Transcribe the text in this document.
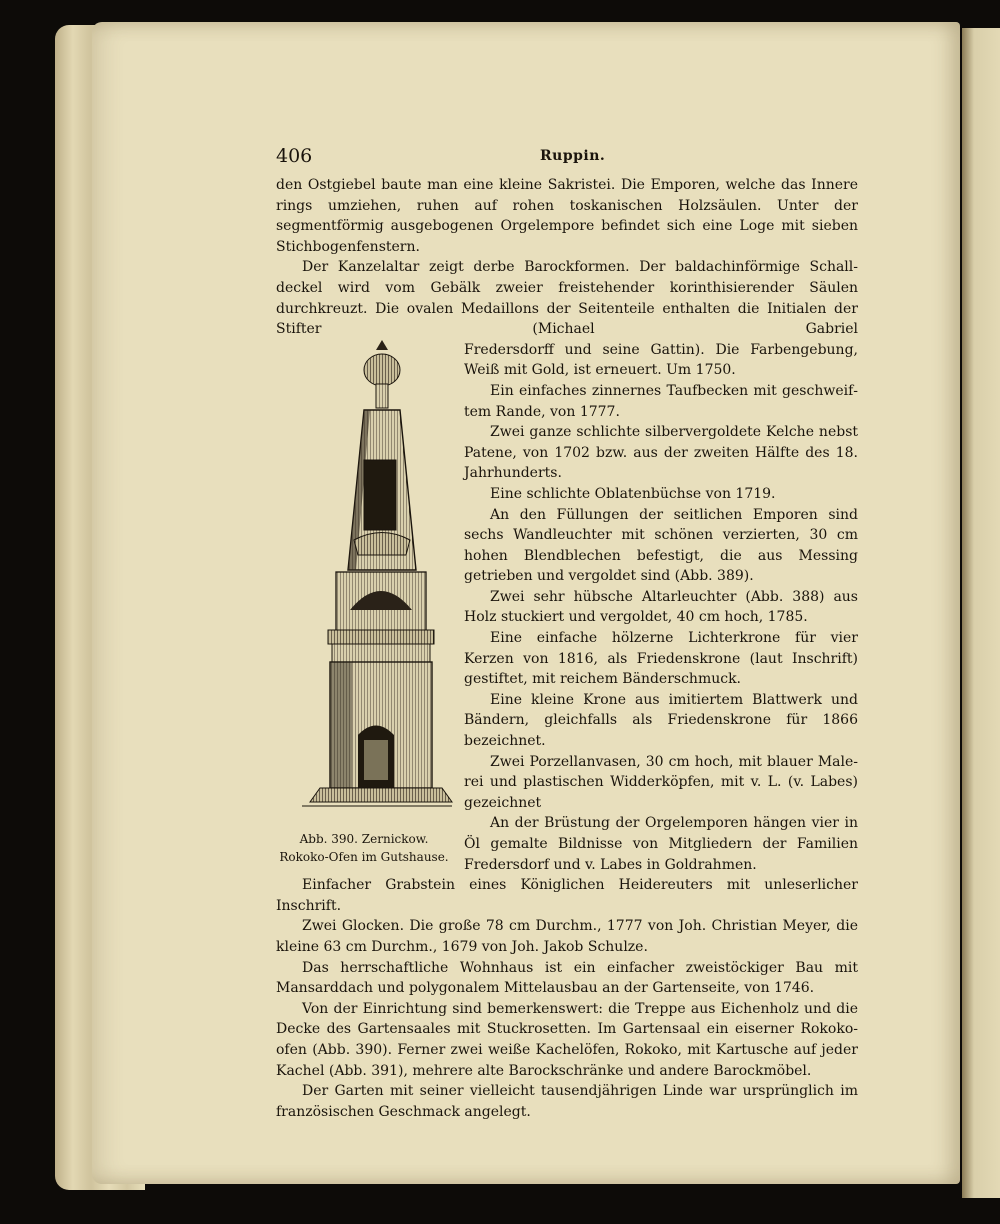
406	Ruppin.

den Ostgiebel baute man eine kleine Sakristei. Die Emporen, welche das Innere rings umziehen, ruhen auf rohen toskanischen Holzsäulen. Unter der segmentförmig ausgebogenen Orgelempore befindet sich eine Loge mit sieben Stichbogenfenstern.

Der Kanzelaltar zeigt derbe Barockformen. Der baldachinförmige Schalldeckel wird vom Gebälk zweier freistehender korinthisierender Säulen durchkreuzt. Die ovalen Medaillons der Seitenteile enthalten die Initialen der Stifter (Michael Gabriel

Abb. 390. Zernickow.
Rokoko-Ofen im Gutshause.

Fredersdorff und seine Gattin). Die Farbengebung, Weiß mit Gold, ist erneuert. Um 1750.

Ein einfaches zinnernes Taufbecken mit geschweiftem Rande, von 1777.

Zwei ganze schlichte silbervergoldete Kelche nebst Patene, von 1702 bzw. aus der zweiten Hälfte des 18. Jahrhunderts.

Eine schlichte Oblatenbüchse von 1719.

An den Füllungen der seitlichen Emporen sind sechs Wandleuchter mit schönen verzierten, 30 cm hohen Blendblechen befestigt, die aus Messing getrieben und vergoldet sind (Abb. 389).

Zwei sehr hübsche Altarleuchter (Abb. 388) aus Holz stuckiert und vergoldet, 40 cm hoch, 1785.

Eine einfache hölzerne Lichterkrone für vier Kerzen von 1816, als Friedenskrone (laut Inschrift) gestiftet, mit reichem Bänderschmuck.

Eine kleine Krone aus imitiertem Blattwerk und Bändern, gleichfalls als Friedenskrone für 1866 bezeichnet.

Zwei Porzellanvasen, 30 cm hoch, mit blauer Malerei und plastischen Widderköpfen, mit v. L. (v. Labes) gezeichnet

An der Brüstung der Orgelemporen hängen vier in Öl gemalte Bildnisse von Mitgliedern der Familien Fredersdorf und v. Labes in Goldrahmen.

Einfacher Grabstein eines Königlichen Heidereuters mit unleserlicher Inschrift.

Zwei Glocken. Die große 78 cm Durchm., 1777 von Joh. Christian Meyer, die kleine 63 cm Durchm., 1679 von Joh. Jakob Schulze.

Das herrschaftliche Wohnhaus ist ein einfacher zweistöckiger Bau mit Mansarddach und polygonalem Mittelausbau an der Gartenseite, von 1746.

Von der Einrichtung sind bemerkenswert: die Treppe aus Eichenholz und die Decke des Gartensaales mit Stuckrosetten. Im Gartensaal ein eiserner Rokokoofen (Abb. 390). Ferner zwei weiße Kachelöfen, Rokoko, mit Kartusche auf jeder Kachel (Abb. 391), mehrere alte Barockschränke und andere Barockmöbel.

Der Garten mit seiner vielleicht tausendjährigen Linde war ursprünglich im französischen Geschmack angelegt.
